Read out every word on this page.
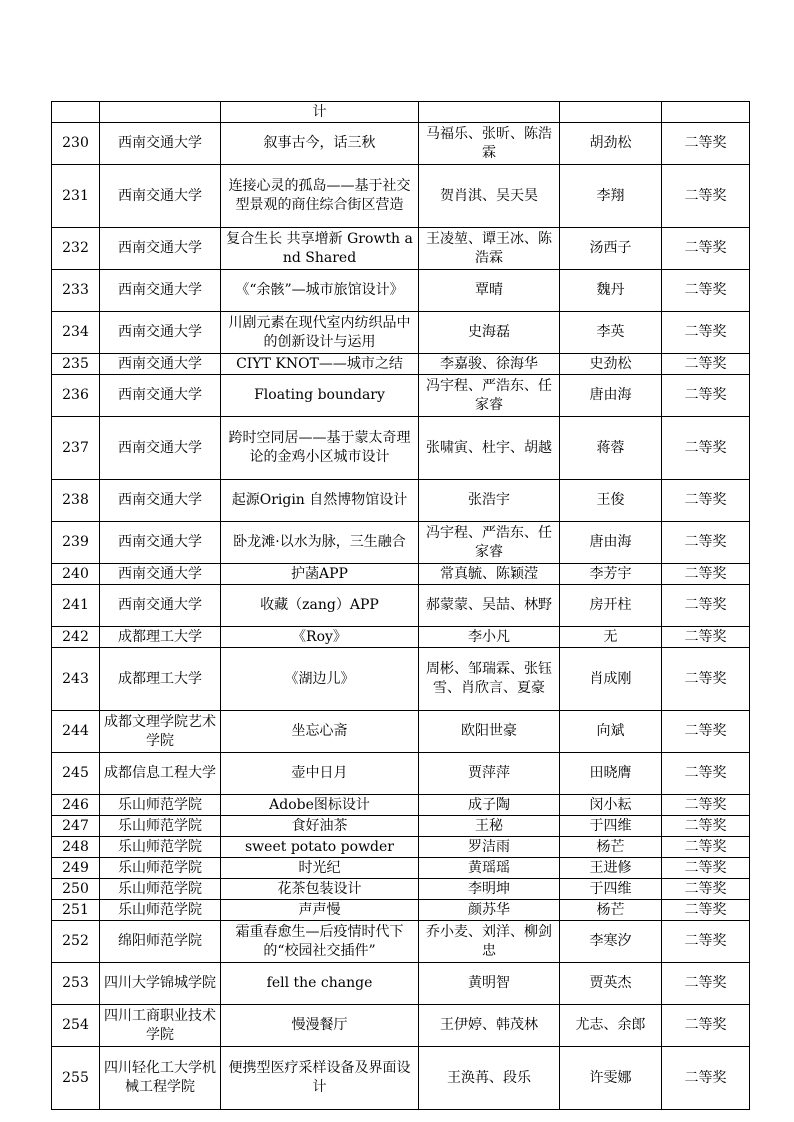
		计			
230	西南交通大学	叙事古今，话三秋	马福乐、张昕、陈浩霖	胡劲松	二等奖
231	西南交通大学	连接心灵的孤岛——基于社交型景观的商住综合街区营造	贺肖淇、吴天昊	李翔	二等奖
232	西南交通大学	复合生长 共享增新 Growth and Shared	王凌堃、谭王冰、陈浩霖	汤西子	二等奖
233	西南交通大学	《“余骸”—城市旅馆设计》	覃晴	魏丹	二等奖
234	西南交通大学	川剧元素在现代室内纺织品中的创新设计与运用	史海磊	李英	二等奖
235	西南交通大学	CIYT KNOT——城市之结	李嘉骏、徐海华	史劲松	二等奖
236	西南交通大学	Floating boundary	冯宇程、严浩东、任家睿	唐由海	二等奖
237	西南交通大学	跨时空同居——基于蒙太奇理论的金鸡小区城市设计	张啸寅、杜宇、胡越	蒋蓉	二等奖
238	西南交通大学	起源Origin 自然博物馆设计	张浩宇	王俊	二等奖
239	西南交通大学	卧龙滩·以水为脉，三生融合	冯宇程、严浩东、任家睿	唐由海	二等奖
240	西南交通大学	护菡APP	常真毓、陈颖滢	李芳宇	二等奖
241	西南交通大学	收藏（zang）APP	郝蒙蒙、吴喆、林野	房开柱	二等奖
242	成都理工大学	《Roy》	李小凡	无	二等奖
243	成都理工大学	《湖边儿》	周彬、邹瑞霖、张钰雪、肖欣言、夏豪	肖成刚	二等奖
244	成都文理学院艺术学院	坐忘心斋	欧阳世豪	向斌	二等奖
245	成都信息工程大学	壶中日月	贾萍萍	田晓膺	二等奖
246	乐山师范学院	Adobe图标设计	成子陶	闵小耘	二等奖
247	乐山师范学院	食好油茶	王秘	于四维	二等奖
248	乐山师范学院	sweet potato powder	罗洁雨	杨芒	二等奖
249	乐山师范学院	时光纪	黄瑶瑶	王进修	二等奖
250	乐山师范学院	花茶包装设计	李明坤	于四维	二等奖
251	乐山师范学院	声声慢	颜苏华	杨芒	二等奖
252	绵阳师范学院	霜重春愈生—后疫情时代下的“校园社交插件”	乔小麦、刘洋、柳剑忠	李寒汐	二等奖
253	四川大学锦城学院	fell the change	黄明智	贾英杰	二等奖
254	四川工商职业技术学院	慢漫餐厅	王伊婷、韩茂林	尤志、余郎	二等奖
255	四川轻化工大学机械工程学院	便携型医疗采样设备及界面设计	王涣苒、段乐	许雯娜	二等奖
